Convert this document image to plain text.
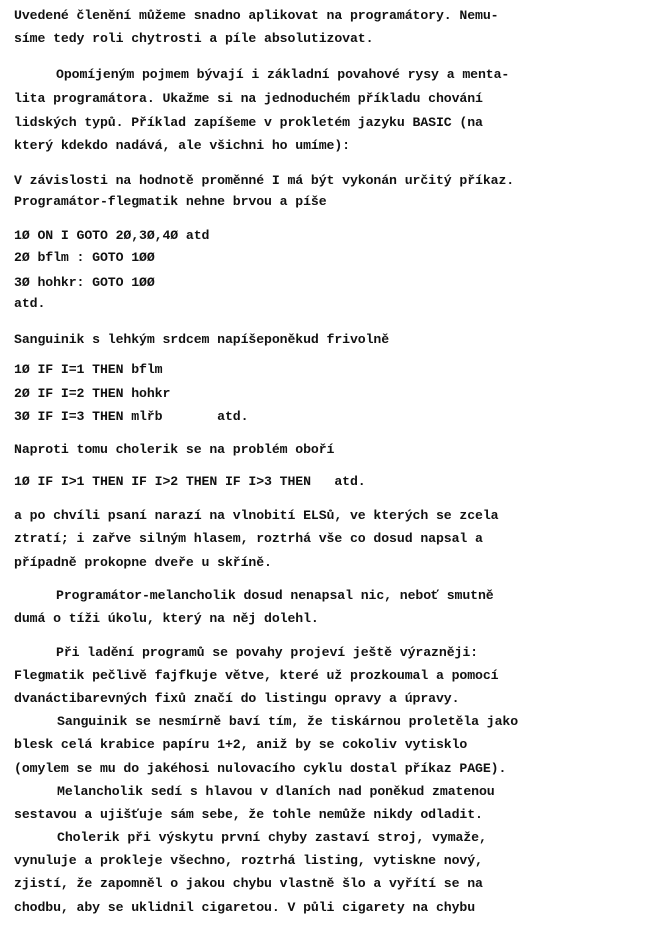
Uvedené členění můžeme snadno aplikovat na programátory. Nemu-
síme tedy roli chytrosti a píle absolutizovat.
Opomíjeným pojmem bývají i základní povahové rysy a mentа-
lita programátora. Ukažme si na jednoduchém příkladu chování
lidských typů. Příklad zapíšeme v prokletém jazyku BASIC (na
který kdekdo nadává, ale všichni ho umíme):
V závislosti na hodnotě proměnné I má být vykonán určitý příkaz.
Programátor-flegmatik nehne brvou a píše
1Ø ON I GOTO 2Ø,3Ø,4Ø atd
2Ø bflm : GOTO 1ØØ
3Ø hohkr: GOTO 1ØØ
atd.
Sanguinik s lehkým srdcem napíšeponěkud frivolně
1Ø IF I=1 THEN bflm
2Ø IF I=2 THEN hohkr
3Ø IF I=3 THEN mlřb       atd.
Naproti tomu cholerik se na problém oboří
1Ø IF I>1 THEN IF I>2 THEN IF I>3 THEN   atd.
a po chvíli psaní narazí na vlnobití ELSů, ve kterých se zcela
ztratí; i zařve silným hlasem, roztrhá vše co dosud napsal a
případně prokopne dveře u skříně.
Programátor-melancholik dosud nenapsal nic, neboť smutně
dumá o tíži úkolu, který na něj dolehl.
Při ladění programů se povahy projeví ještě výrazněji:
Flegmatik pečlivě fajfkuje větve, které už prozkoumal a pomocí
dvanáctibarevných fixů značí do listingu opravy a úpravy.
Sanguinik se nesmírně baví tím, že tiskárnou proletěla jako
blesk celá krabice papíru 1+2, aniž by se cokoliv vytisklo
(omylem se mu do jakéhosi nulovacího cyklu dostal příkaz PAGE).
Melancholik sedí s hlavou v dlaních nad poněkud zmatenou
sestavou a ujišťuje sám sebe, že tohle nemůže nikdy odladit.
Cholerik při výskytu první chyby zastaví stroj, vymaže,
vynuluje a prokleje všechno, roztrhá listing, vytiskne nový,
zjistí, že zapomněl o jakou chybu vlastně šlo a vyřítí se na
chodbu, aby se uklidnil cigaretou. V půli cigarety na chybu
